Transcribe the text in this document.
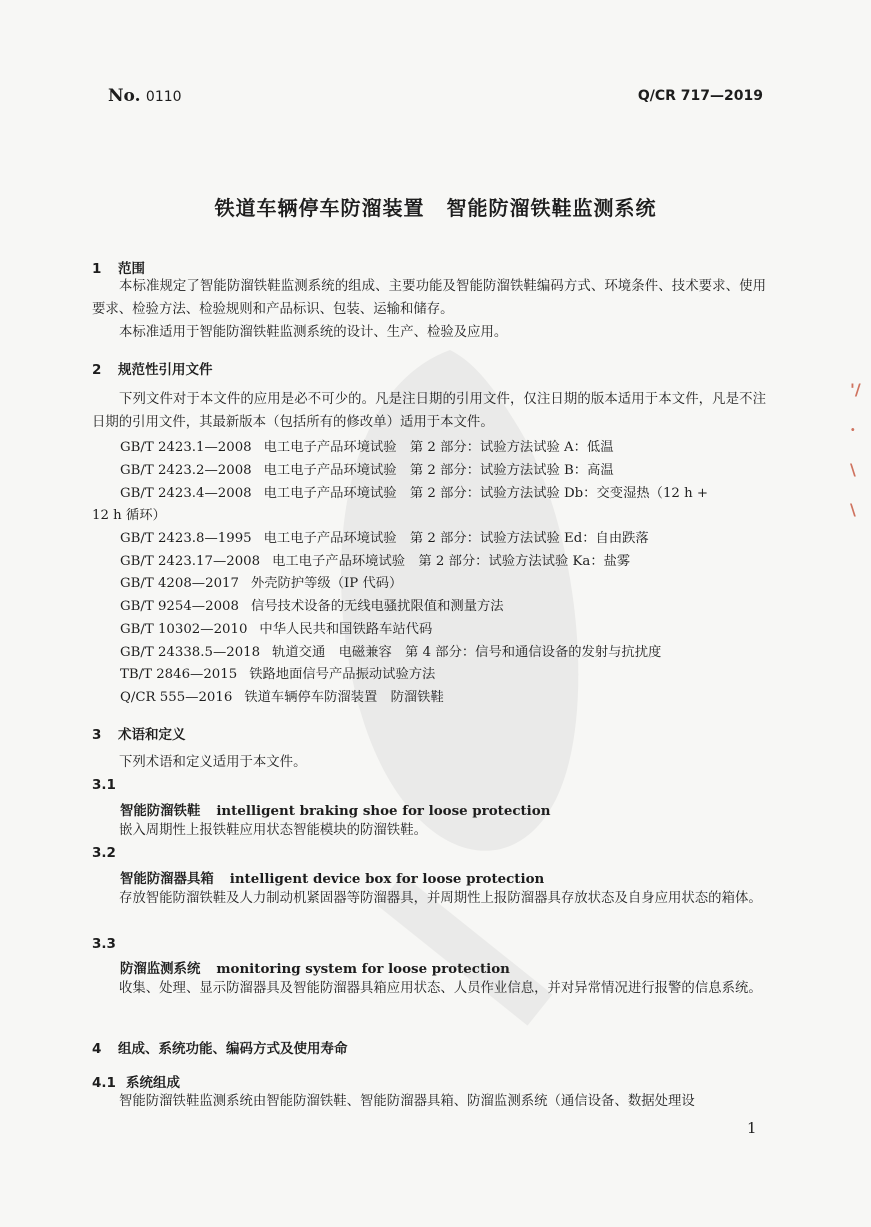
'/
·
\
\
No. 0110	Q/CR 717—2019
铁道车辆停车防溜装置 智能防溜铁鞋监测系统
1 范围
本标准规定了智能防溜铁鞋监测系统的组成、主要功能及智能防溜铁鞋编码方式、环境条件、技术要求、使用要求、检验方法、检验规则和产品标识、包装、运输和储存。
本标准适用于智能防溜铁鞋监测系统的设计、生产、检验及应用。
2 规范性引用文件
下列文件对于本文件的应用是必不可少的。凡是注日期的引用文件，仅注日期的版本适用于本文件，凡是不注日期的引用文件，其最新版本（包括所有的修改单）适用于本文件。
GB/T 2423.1—2008 电工电子产品环境试验　第 2 部分：试验方法试验 A：低温
GB/T 2423.2—2008 电工电子产品环境试验　第 2 部分：试验方法试验 B：高温
GB/T 2423.4—2008 电工电子产品环境试验　第 2 部分：试验方法试验 Db：交变湿热（12 h +
12 h 循环）
GB/T 2423.8—1995 电工电子产品环境试验　第 2 部分：试验方法试验 Ed：自由跌落
GB/T 2423.17—2008 电工电子产品环境试验　第 2 部分：试验方法试验 Ka：盐雾
GB/T 4208—2017 外壳防护等级（IP 代码）
GB/T 9254—2008 信号技术设备的无线电骚扰限值和测量方法
GB/T 10302—2010 中华人民共和国铁路车站代码
GB/T 24338.5—2018 轨道交通　电磁兼容　第 4 部分：信号和通信设备的发射与抗扰度
TB/T 2846—2015 铁路地面信号产品振动试验方法
Q/CR 555—2016 铁道车辆停车防溜装置　防溜铁鞋
3 术语和定义
下列术语和定义适用于本文件。
3.1
智能防溜铁鞋 intelligent braking shoe for loose protection
嵌入周期性上报铁鞋应用状态智能模块的防溜铁鞋。
3.2
智能防溜器具箱 intelligent device box for loose protection
存放智能防溜铁鞋及人力制动机紧固器等防溜器具，并周期性上报防溜器具存放状态及自身应用状态的箱体。
3.3
防溜监测系统 monitoring system for loose protection
收集、处理、显示防溜器具及智能防溜器具箱应用状态、人员作业信息，并对异常情况进行报警的信息系统。
4 组成、系统功能、编码方式及使用寿命
4.1 系统组成
智能防溜铁鞋监测系统由智能防溜铁鞋、智能防溜器具箱、防溜监测系统（通信设备、数据处理设
1
